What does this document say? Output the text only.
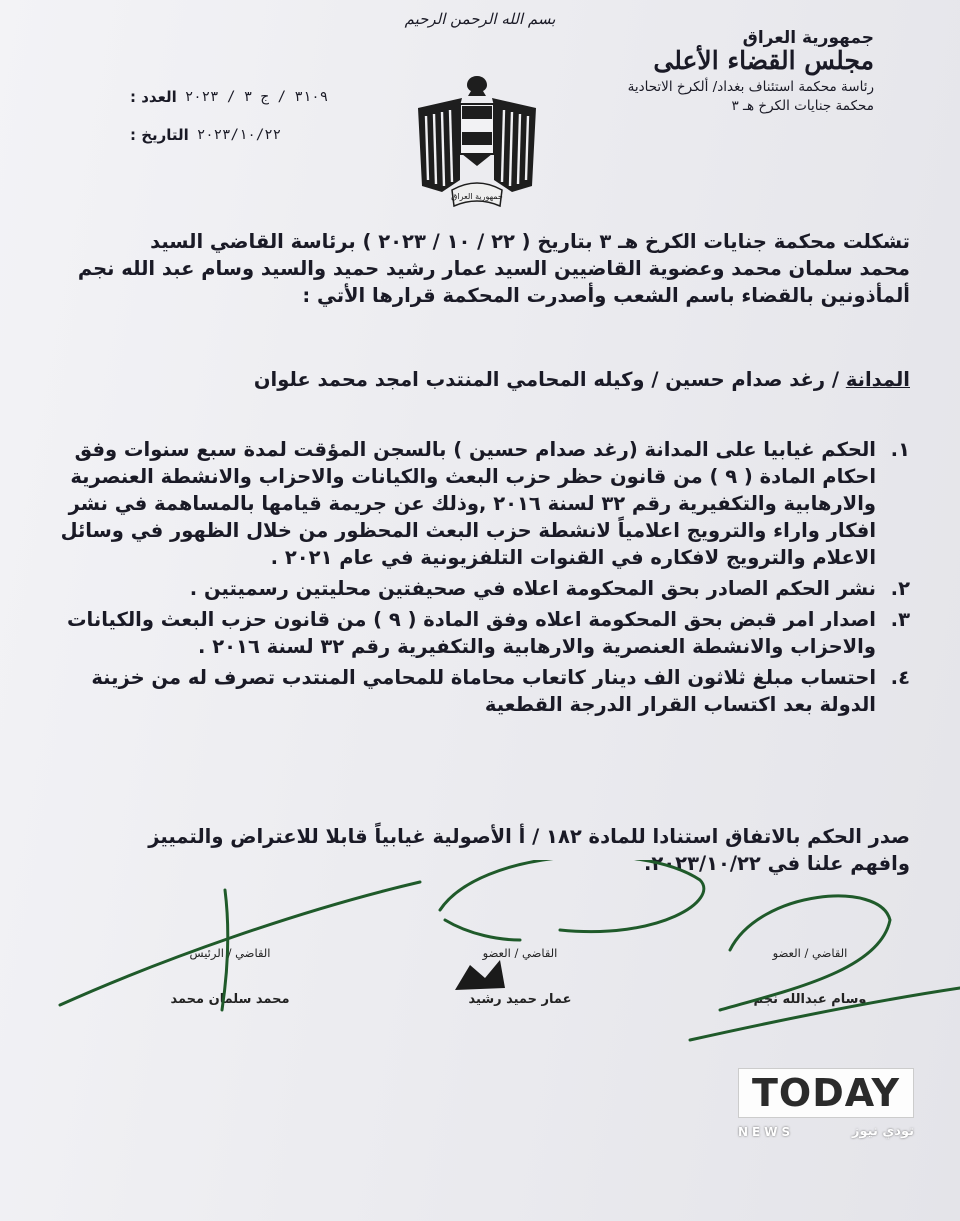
بسم الله الرحمن الرحيم
جمهورية العراق
مجلس القضاء الأعلى
رئاسة محكمة استئناف بغداد/ ألكرخ الاتحادية
محكمة جنايات الكرخ هـ ٣
العدد : ٣١٠٩ / ج ٣ / ٢٠٢٣
التاريخ : ٢٠٢٣/١٠/٢٢
جمهورية العراق
تشكلت محكمة جنايات الكرخ هـ ٣ بتاريخ ( ٢٢ / ١٠ / ٢٠٢٣ ) برئاسة القاضي السيد
محمد سلمان محمد وعضوية القاضيين السيد عمار رشيد حميد والسيد وسام عبد الله نجم
ألمأذونين بالقضاء باسم الشعب وأصدرت المحكمة قرارها الأتي :
المدانة / رغد صدام حسين / وكيله المحامي المنتدب امجد محمد علوان
١.
الحكم غيابيا على المدانة (رغد صدام حسين ) بالسجن المؤقت لمدة سبع سنوات وفق
احكام المادة ( ٩ ) من قانون حظر حزب البعث والكيانات والاحزاب والانشطة العنصرية
والارهابية والتكفيرية رقم ٣٢ لسنة ٢٠١٦ ,وذلك عن جريمة قيامها بالمساهمة في نشر
افكار واراء والترويج اعلامياً لانشطة حزب البعث المحظور من خلال الظهور في وسائل
الاعلام والترويج لافكاره في القنوات التلفزيونية في عام ٢٠٢١ .
٢.
نشر الحكم الصادر بحق المحكومة اعلاه في صحيفتين محليتين رسميتين .
٣.
اصدار امر قبض بحق المحكومة اعلاه وفق المادة ( ٩ ) من قانون حزب البعث والكيانات
والاحزاب والانشطة العنصرية والارهابية والتكفيرية رقم ٣٢ لسنة ٢٠١٦ .
٤.
احتساب مبلغ ثلاثون الف دينار كاتعاب محاماة للمحامي المنتدب تصرف له من خزينة
الدولة بعد اكتساب القرار الدرجة القطعية
صدر الحكم بالاتفاق استنادا للمادة ١٨٢ / أ الأصولية غيابياً قابلا للاعتراض والتمييز
وافهم علنا في ٢٠٢٣/١٠/٢٢.
القاضي / الرئيس
محمد سلمان محمد
القاضي / العضو
عمار حميد رشيد
القاضي / العضو
وسام عبدالله نجم
TODAY
NEWS	تودي نيوز
